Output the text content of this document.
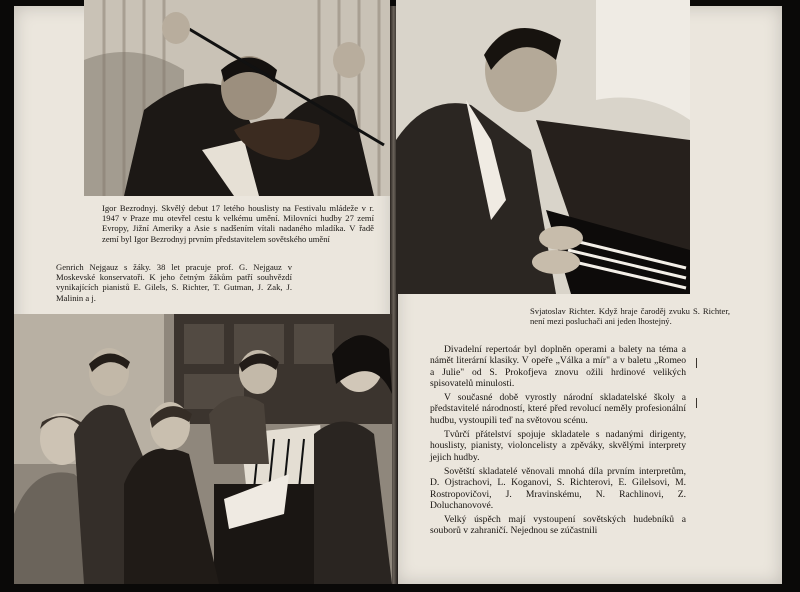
Igor Bezrodnyj. Skvělý debut 17 letého houslisty na Festivalu mládeže v r. 1947 v Praze mu otevřel cestu k velkému umění. Milovníci hudby 27 zemí Evropy, Jižní Ameriky a Asie s nadšením vítali nadaného mladíka. V řadě zemí byl Igor Bezrodnyj prvním představitelem sovětského umění

Genrich Nejgauz s žáky. 38 let pracuje prof. G. Nejgauz v Moskevské konservatoři. K jeho četným žákům patří souhvězdí vynikajících pianistů E. Gilels, S. Richter, T. Gutman, J. Zak, J. Malinin a j.

Svjatoslav Richter. Když hraje čaroděj zvuku S. Richter, není mezi posluchači ani jeden lhostejný.

Divadelní repertoár byl doplněn operami a balety na téma a námět literární klasiky. V opeře „Válka a mír" a v baletu „Romeo a Julie" od S. Prokofjeva znovu ožili hrdinové velikých spisovatelů minulosti.

V současné době vyrostly národní skladatelské školy a představitelé národností, které před revolucí neměly profesionální hudbu, vystoupili teď na světovou scénu.

Tvůrčí přátelství spojuje skladatele s nadanými dirigenty, houslisty, pianisty, violoncelisty a zpěváky, skvělými interprety jejich hudby.

Sovětští skladatelé věnovali mnohá díla prvním interpretům, D. Ojstrachovi, L. Koganovi, S. Richterovi, E. Gilelsovi, M. Rostropovičovi, J. Mravinskému, N. Rachlinovi, Z. Doluchanovové.

Velký úspěch mají vystoupení sovětských hudebníků a souborů v zahraničí. Nejednou se zúčastnili
